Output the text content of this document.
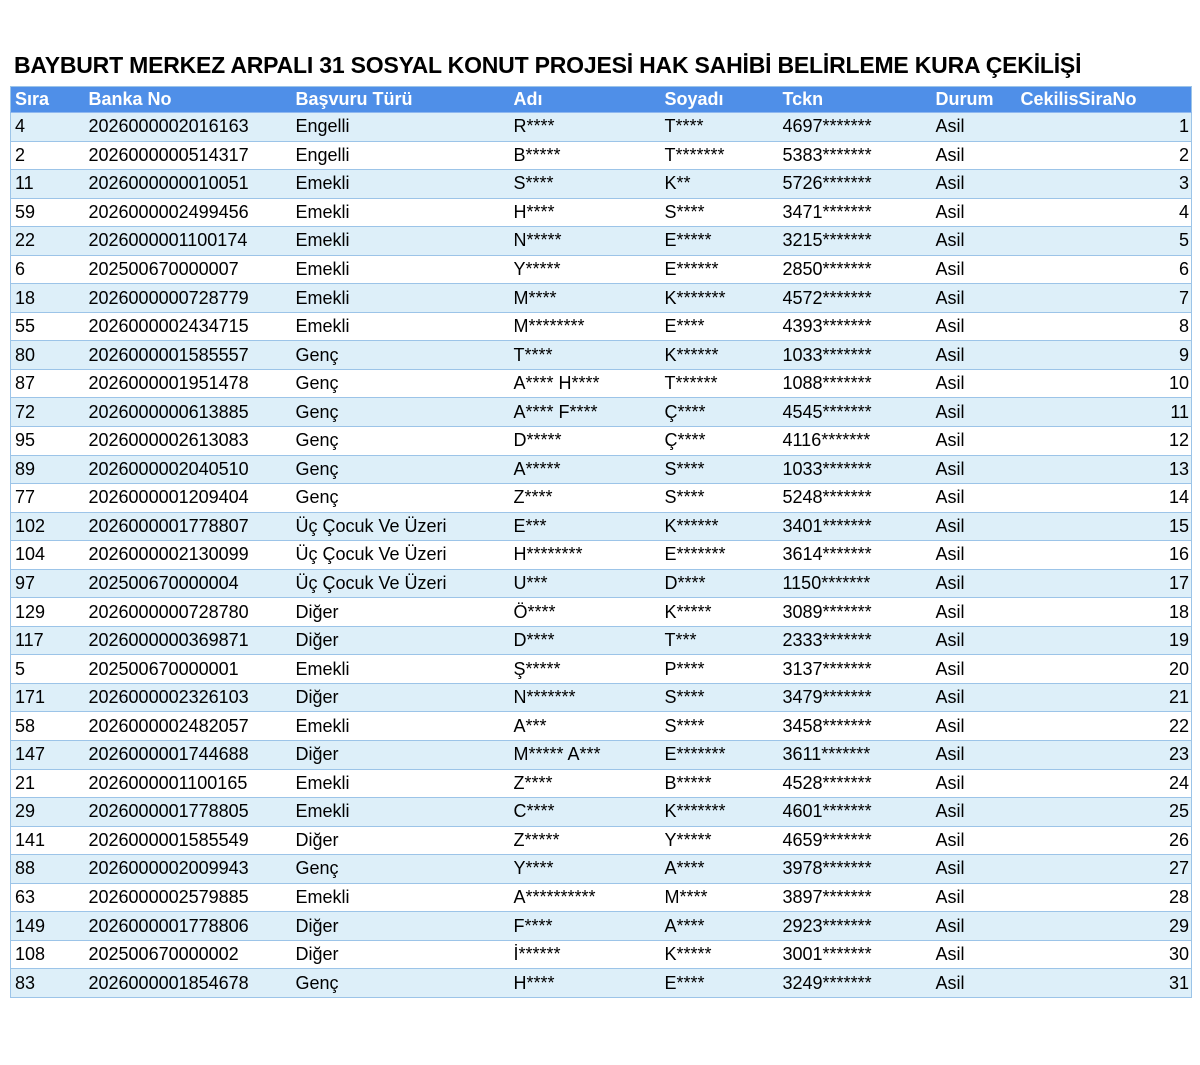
BAYBURT MERKEZ ARPALI 31 SOSYAL KONUT PROJESİ HAK SAHİBİ BELİRLEME KURA ÇEKİLİŞİ
Sıra	Banka No	Başvuru Türü	Adı	Soyadı	Tckn	Durum	CekilisSiraNo
4	2026000002016163	Engelli	R****	T****	4697*******	Asil	1
2	2026000000514317	Engelli	B*****	T*******	5383*******	Asil	2
11	2026000000010051	Emekli	S****	K**	5726*******	Asil	3
59	2026000002499456	Emekli	H****	S****	3471*******	Asil	4
22	2026000001100174	Emekli	N*****	E*****	3215*******	Asil	5
6	202500670000007	Emekli	Y*****	E******	2850*******	Asil	6
18	2026000000728779	Emekli	M****	K*******	4572*******	Asil	7
55	2026000002434715	Emekli	M********	E****	4393*******	Asil	8
80	2026000001585557	Genç	T****	K******	1033*******	Asil	9
87	2026000001951478	Genç	A**** H****	T******	1088*******	Asil	10
72	2026000000613885	Genç	A**** F****	Ç****	4545*******	Asil	11
95	2026000002613083	Genç	D*****	Ç****	4116*******	Asil	12
89	2026000002040510	Genç	A*****	S****	1033*******	Asil	13
77	2026000001209404	Genç	Z****	S****	5248*******	Asil	14
102	2026000001778807	Üç Çocuk Ve Üzeri	E***	K******	3401*******	Asil	15
104	2026000002130099	Üç Çocuk Ve Üzeri	H********	E*******	3614*******	Asil	16
97	202500670000004	Üç Çocuk Ve Üzeri	U***	D****	1150*******	Asil	17
129	2026000000728780	Diğer	Ö****	K*****	3089*******	Asil	18
117	2026000000369871	Diğer	D****	T***	2333*******	Asil	19
5	202500670000001	Emekli	Ş*****	P****	3137*******	Asil	20
171	2026000002326103	Diğer	N*******	S****	3479*******	Asil	21
58	2026000002482057	Emekli	A***	S****	3458*******	Asil	22
147	2026000001744688	Diğer	M***** A***	E*******	3611*******	Asil	23
21	2026000001100165	Emekli	Z****	B*****	4528*******	Asil	24
29	2026000001778805	Emekli	C****	K*******	4601*******	Asil	25
141	2026000001585549	Diğer	Z*****	Y*****	4659*******	Asil	26
88	2026000002009943	Genç	Y****	A****	3978*******	Asil	27
63	2026000002579885	Emekli	A**********	M****	3897*******	Asil	28
149	2026000001778806	Diğer	F****	A****	2923*******	Asil	29
108	202500670000002	Diğer	İ******	K*****	3001*******	Asil	30
83	2026000001854678	Genç	H****	E****	3249*******	Asil	31
